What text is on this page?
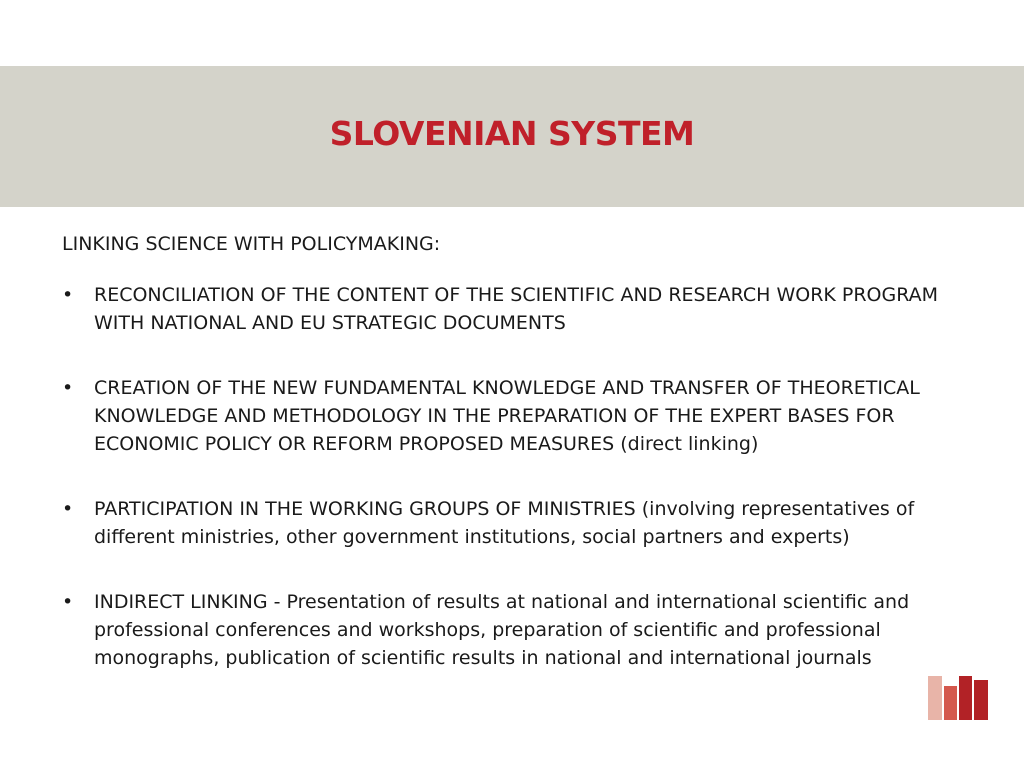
SLOVENIAN SYSTEM

LINKING SCIENCE WITH POLICYMAKING:

• RECONCILIATION OF THE CONTENT OF THE SCIENTIFIC AND RESEARCH WORK PROGRAM WITH NATIONAL AND EU STRATEGIC DOCUMENTS
• CREATION OF THE NEW FUNDAMENTAL KNOWLEDGE AND TRANSFER OF THEORETICAL KNOWLEDGE AND METHODOLOGY IN THE PREPARATION OF THE EXPERT BASES FOR ECONOMIC POLICY OR REFORM PROPOSED MEASURES (direct linking)
• PARTICIPATION IN THE WORKING GROUPS OF MINISTRIES (involving representatives of different ministries, other government institutions, social partners and experts)
• INDIRECT LINKING - Presentation of results at national and international scientific and professional conferences and workshops, preparation of scientific and professional monographs, publication of scientific results in national and international journals
